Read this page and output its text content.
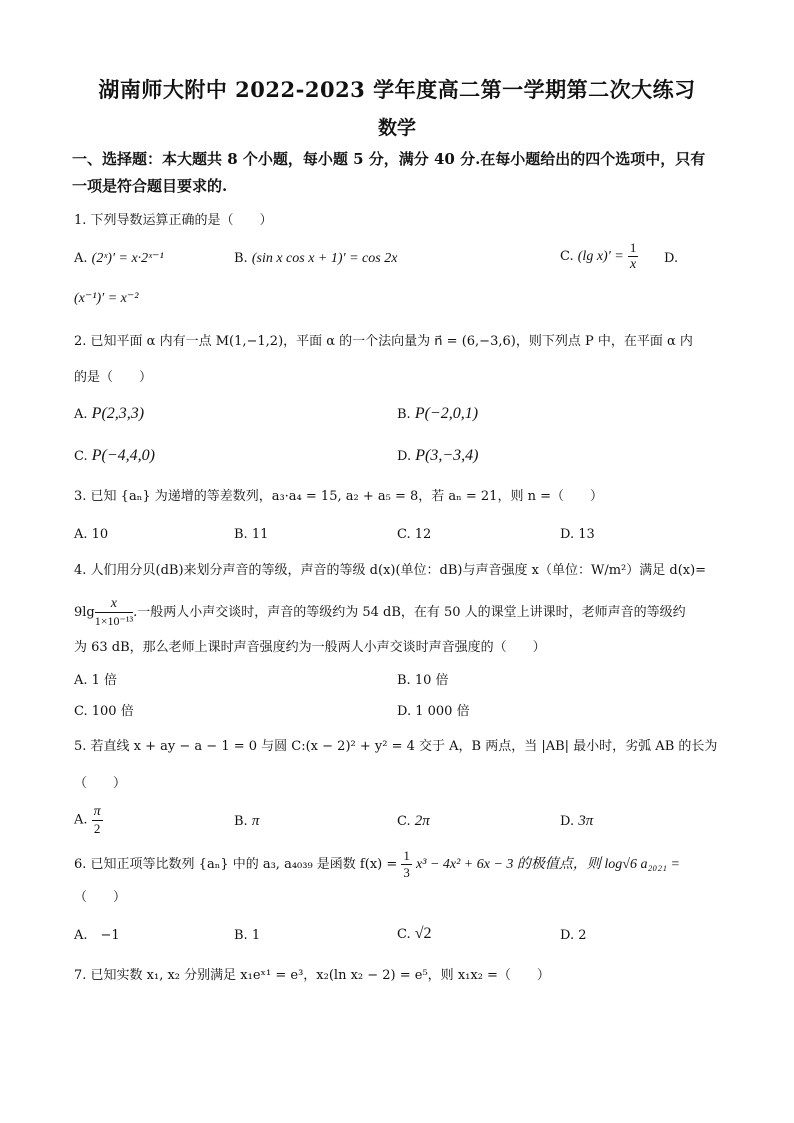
湖南师大附中 2022-2023 学年度高二第一学期第二次大练习
数学
一、选择题：本大题共 8 个小题，每小题 5 分，满分 40 分.在每小题给出的四个选项中，只有
一项是符合题目要求的.
1. 下列导数运算正确的是（　　）
A. (2ˣ)′ = x·2ˣ⁻¹	B. (sin x cos x + 1)′ = cos 2x	C. (lg $x)' = \frac{1}{x} D$.
(x⁻¹)′ = x⁻²
2. 已知平面 α 内有一点 M(1,−1,2)，平面 α 的一个法向量为 n⃗ = (6,−3,6)，则下列点 P 中，在平面 α 内
的是（　　）
A. P(2,3,3)	B. P(−2,0,1)
C. P(−4,4,0)	D. P(3,−3,4)
3. 已知 {aₙ} 为递增的等差数列，a₃·a₄ = 15, a₂ + a₅ = 8，若 aₙ = 21，则 n =（　　）
A. 10	B. 11	C. 12	D. 13
4. 人们用分贝(dB)来划分声音的等级，声音的等级 d(x)(单位：dB)与声音强度 x（单位：W/m²）满足 d(x)=
$9\lg \frac{x}{\text{1×10⁻¹³}}$ .一般两人小声交谈时，声音的等级约为 54 dB，在有 50 人的课堂上讲课时，老师声音的等级约
为 63 dB，那么老师上课时声音强度约为一般两人小声交谈时声音强度的（　　）
A. 1 倍	B. 10 倍
C. 100 倍	D. 1 000 倍
5. 若直线 x + ay − a − 1 = 0 与圆 C:(x − 2)² + y² = 4 交于 A，B 两点，当 |AB| 最小时，劣弧 AB 的长为
（　　）
A. $\frac{\pi}{2}$	B. π	C. 2π	D. 3π
6. 已知正项等比数列 {aₙ} 中的 a₃, a₄₀₃₉ 是函数 $f(x) = \frac{1}{3} x^3 - 4x^2 + 6x - 3$ 的极值点，则 log√6 a₂₀₂₁ =
（　　）
A.　−1	B. 1	C. √2	D. 2
7. 已知实数 x₁, x₂ 分别满足 x₁eˣ¹ = e³，x₂(ln x₂ − 2) = e⁵，则 x₁x₂ =（　　）
